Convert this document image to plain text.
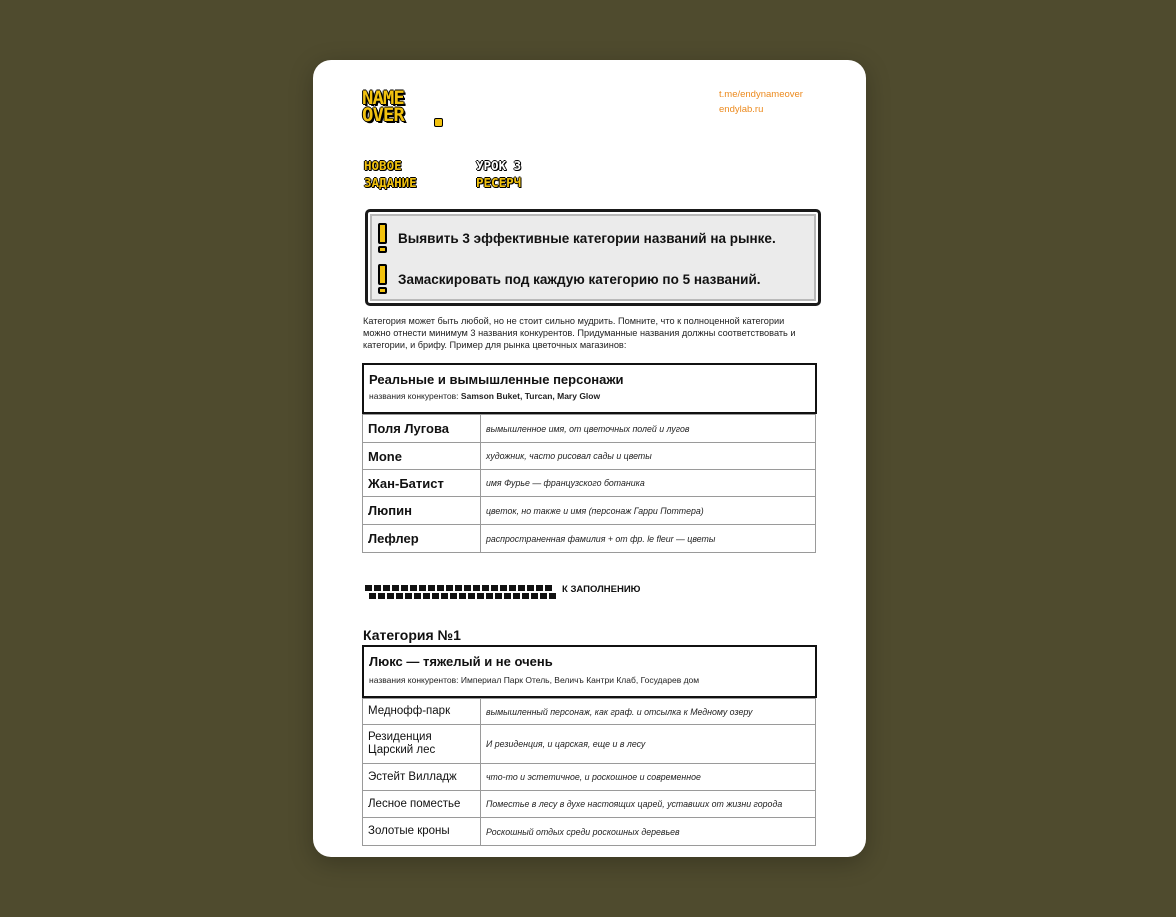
NAME
OVER
t.me/endynameover
endylab.ru
НОВОЕ
ЗАДАНИЕ
УРОК 3
РЕСЕРЧ
Выявить 3 эффективные категории названий на рынке.
Замаскировать под каждую категорию по 5 названий.
Категория может быть любой, но не стоит сильно мудрить. Помните, что к полноценной категории можно отнести минимум 3 названия конкурентов. Придуманные названия должны соответствовать и категории, и брифу. Пример для рынка цветочных магазинов:
Реальные и вымышленные персонажи
названия конкурентов: Samson Buket, Turcan, Mary Glow
Поля Лугова	вымышленное имя, от цветочных полей и лугов
Моne	художник, часто рисовал сады и цветы
Жан-Батист	имя Фурье — французского ботаника
Люпин	цветок, но также и имя (персонаж Гарри Поттера)
Лефлер	распространенная фамилия + от фр. le fleur — цветы
К ЗАПОЛНЕНИЮ
Категория №1
Люкс — тяжелый и не очень
названия конкурентов: Империал Парк Отель, Величъ Кантри Клаб, Государев дом
Меднофф-парк	вымышленный персонаж, как граф. и отсылка к Медному озеру
Резиденция Царский лес	И резиденция, и царская, еще и в лесу
Эстейт Вилладж	что-то и эстетичное, и роскошное и современное
Лесное поместье	Поместье в лесу в духе настоящих царей, уставших от жизни города
Золотые кроны	Роскошный отдых среди роскошных деревьев
